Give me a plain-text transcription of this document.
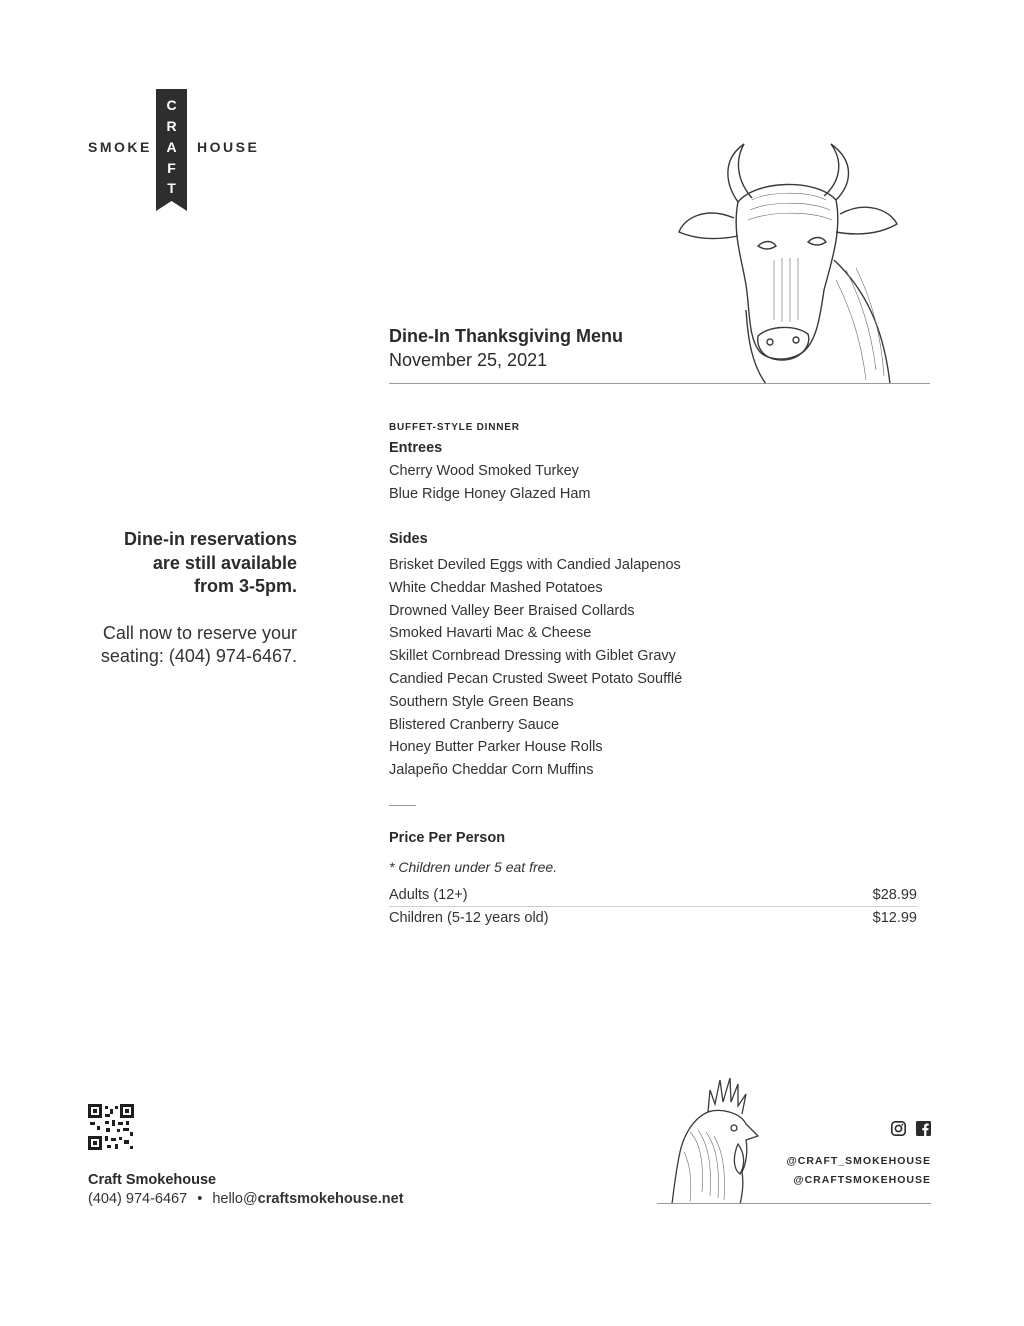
SMOKE
C
R
A
F
T
HOUSE
Dine-In Thanksgiving Menu
November 25, 2021
BUFFET-STYLE DINNER
Entrees
Cherry Wood Smoked Turkey
Blue Ridge Honey Glazed Ham
Sides
Brisket Deviled Eggs with Candied Jalapenos
White Cheddar Mashed Potatoes
Drowned Valley Beer Braised Collards
Smoked Havarti Mac & Cheese
Skillet Cornbread Dressing with Giblet Gravy
Candied Pecan Crusted Sweet Potato Soufflé
Southern Style Green Beans
Blistered Cranberry Sauce
Honey Butter Parker House Rolls
Jalapeño Cheddar Corn Muffins
Price Per Person
* Children under 5 eat free.
Adults (12+)	$28.99
Children (5-12 years old)	$12.99
Dine-in reservations
are still available
from 3-5pm.
Call now to reserve your
seating: (404) 974-6467.
Craft Smokehouse
(404) 974-6467 • hello@craftsmokehouse.net
@CRAFT_SMOKEHOUSE
@CRAFTSMOKEHOUSE
